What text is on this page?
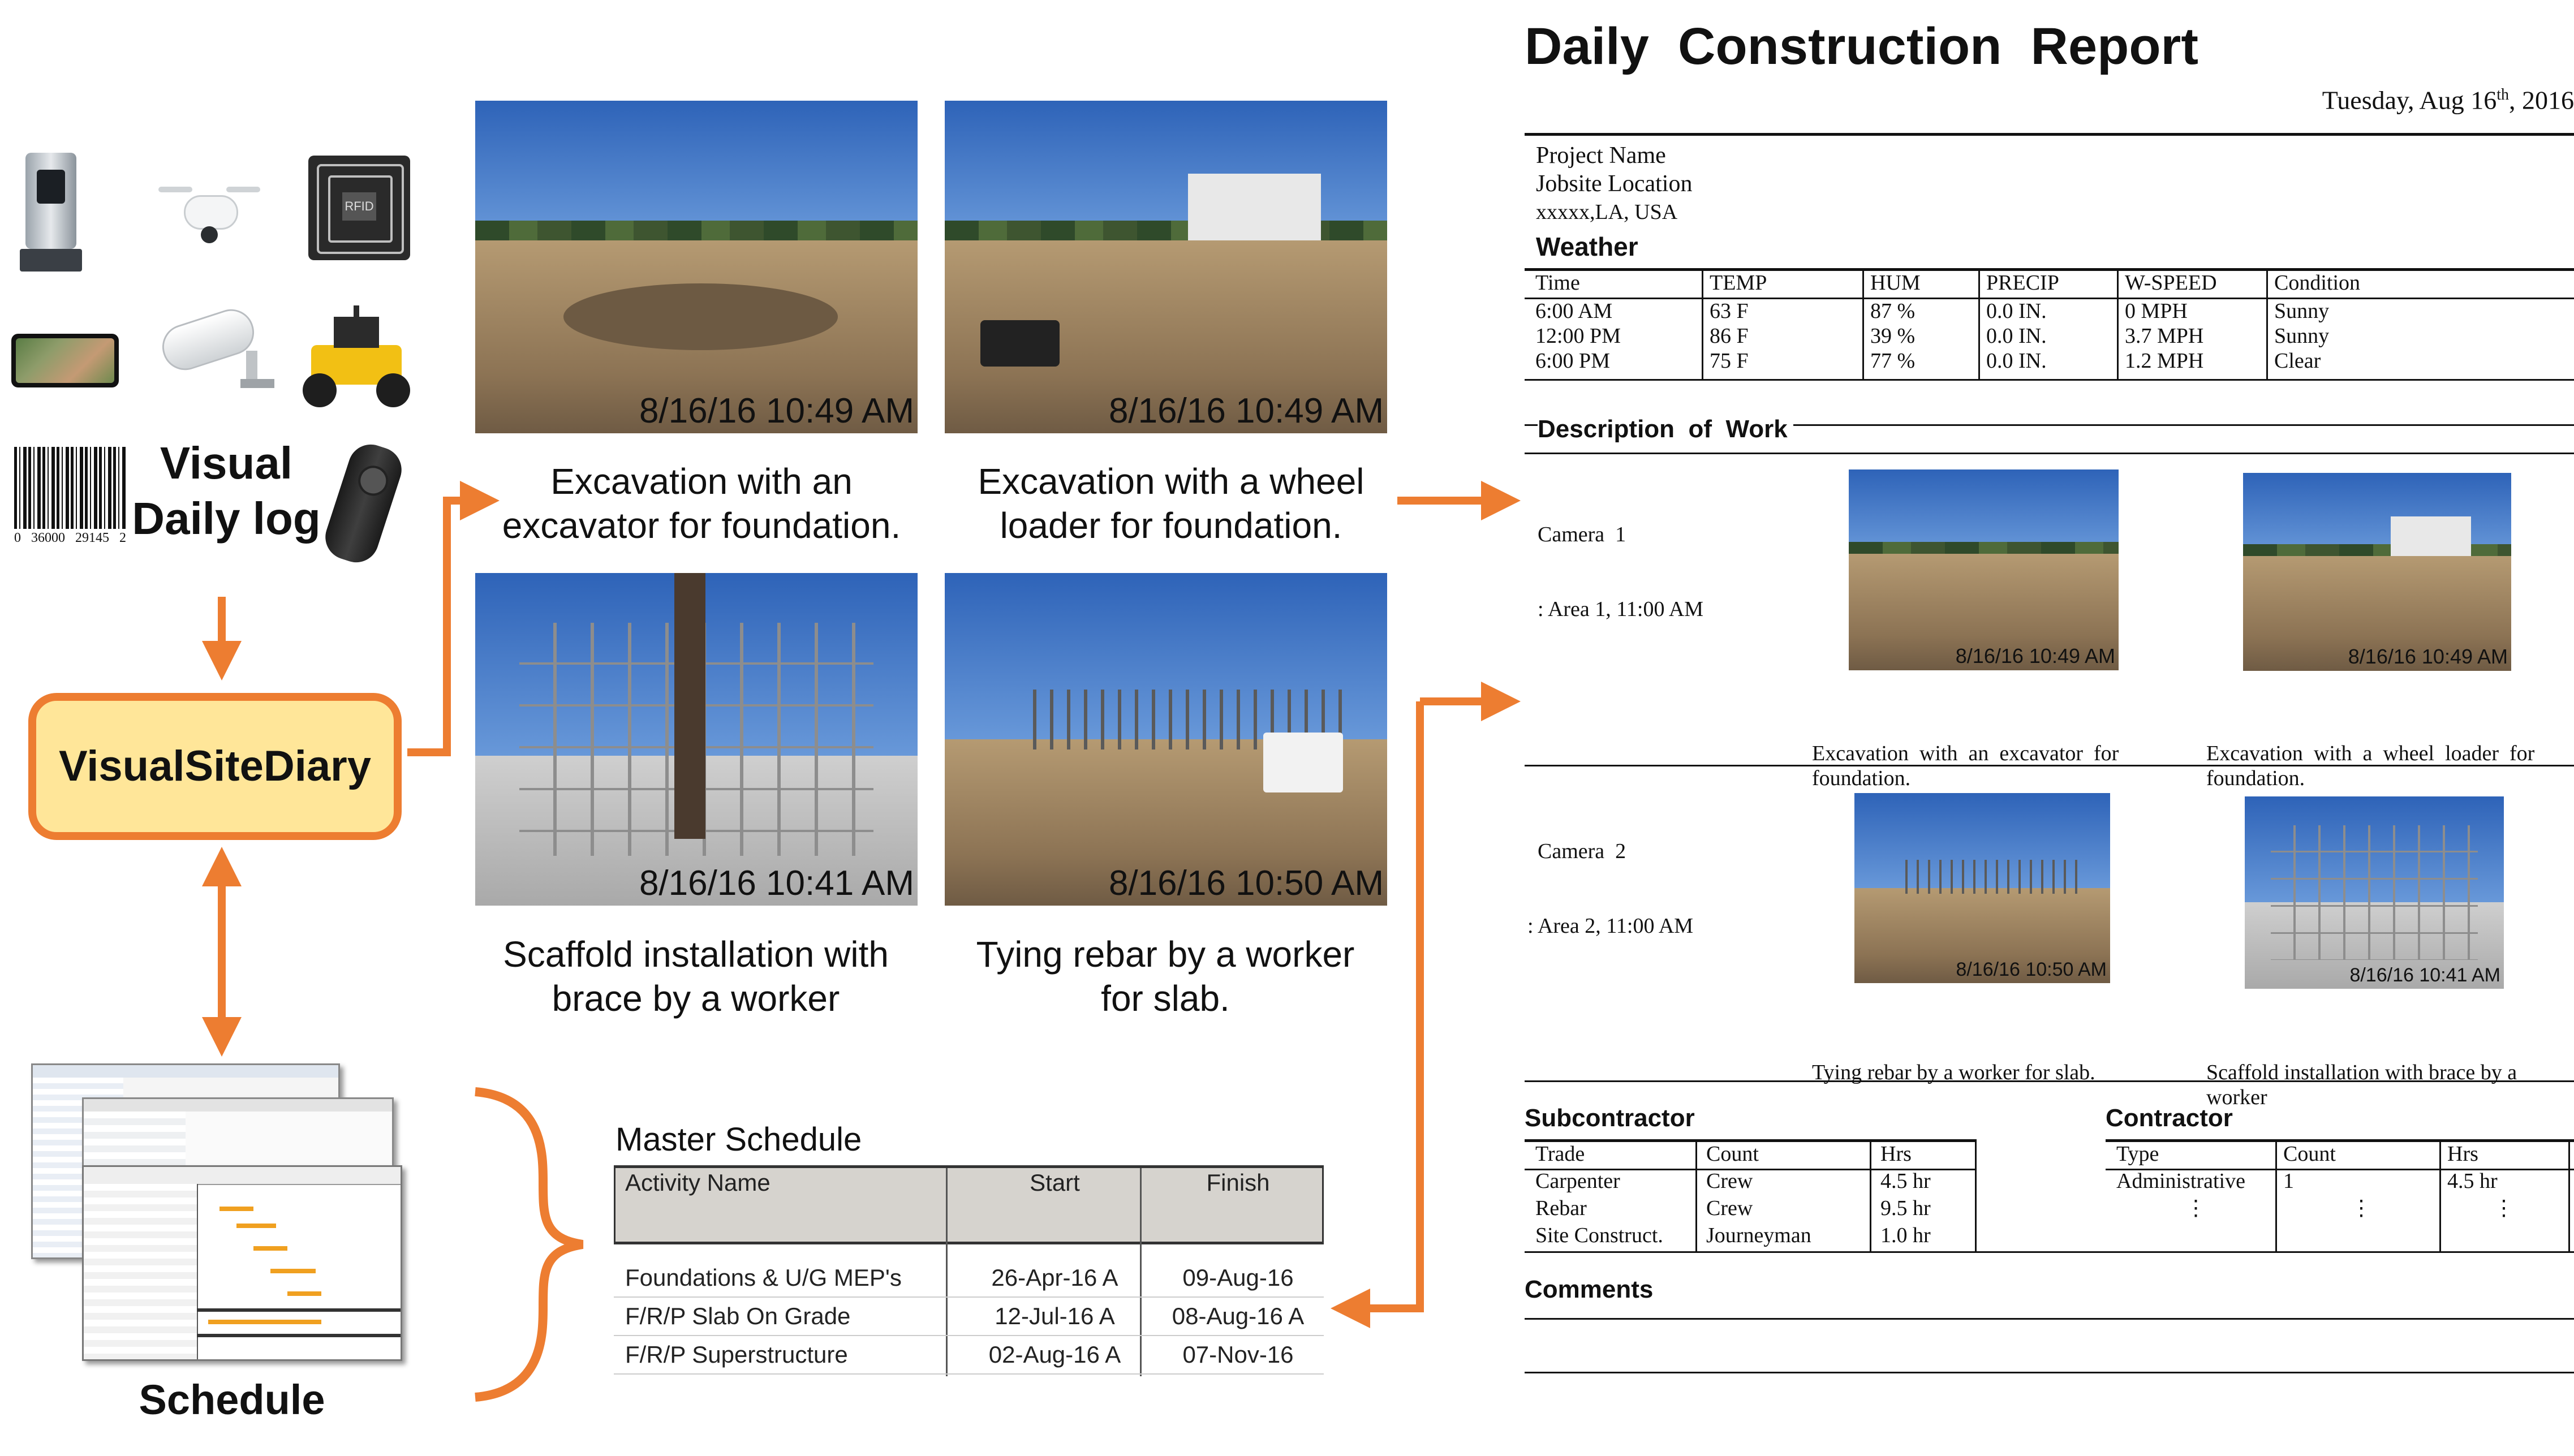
RFID
0   36000   29145   2
Visual
Daily log
VisualSiteDiary
Schedule
8/16/16 10:49 AM	8/16/16 10:49 AM
8/16/16 10:41 AM	8/16/16 10:50 AM
Excavation with an
excavator for foundation.
Excavation with a wheel
loader for foundation.
Scaffold installation with
brace by a worker
Tying rebar by a worker
for slab.
Master Schedule
Activity Name	Start	Finish

Foundations & U/G MEP's	26-Apr-16 A	09-Aug-16
F/R/P Slab On Grade	12-Jul-16 A	08-Aug-16 A
F/R/P Superstructure	02-Aug-16 A	07-Nov-16
Daily  Construction  Report
Tuesday, Aug 16th, 2016
Project Name
Jobsite Location
xxxxx,LA, USA
Weather
Time	TEMP	HUM	PRECIP	W-SPEED	Condition
6:00 AM	63 F	87 %	0.0 IN.	0 MPH	Sunny
12:00 PM	86 F	39 %	0.0 IN.	3.7 MPH	Sunny
6:00 PM	75 F	77 %	0.0 IN.	1.2 MPH	Clear
Description  of  Work

Camera  1

: Area 1, 11:00 AM

8/16/16 10:49 AM	8/16/16 10:49 AM

Excavation  with  an  excavator  for
foundation.

Excavation  with  a  wheel  loader  for
foundation.

Camera  2

: Area 2, 11:00 AM

8/16/16 10:50 AM	8/16/16 10:41 AM

Tying rebar by a worker for slab.

	Scaffold installation with brace by a
worker

Subcontractor	Contractor
Trade	Count	Hrs
Carpenter	Crew	4.5 hr
Rebar	Crew	9.5 hr
Site Construct.	Journeyman	1.0 hr
Type	Count	Hrs
Administrative	1	4.5 hr
⋮	⋮	⋮
Comments
